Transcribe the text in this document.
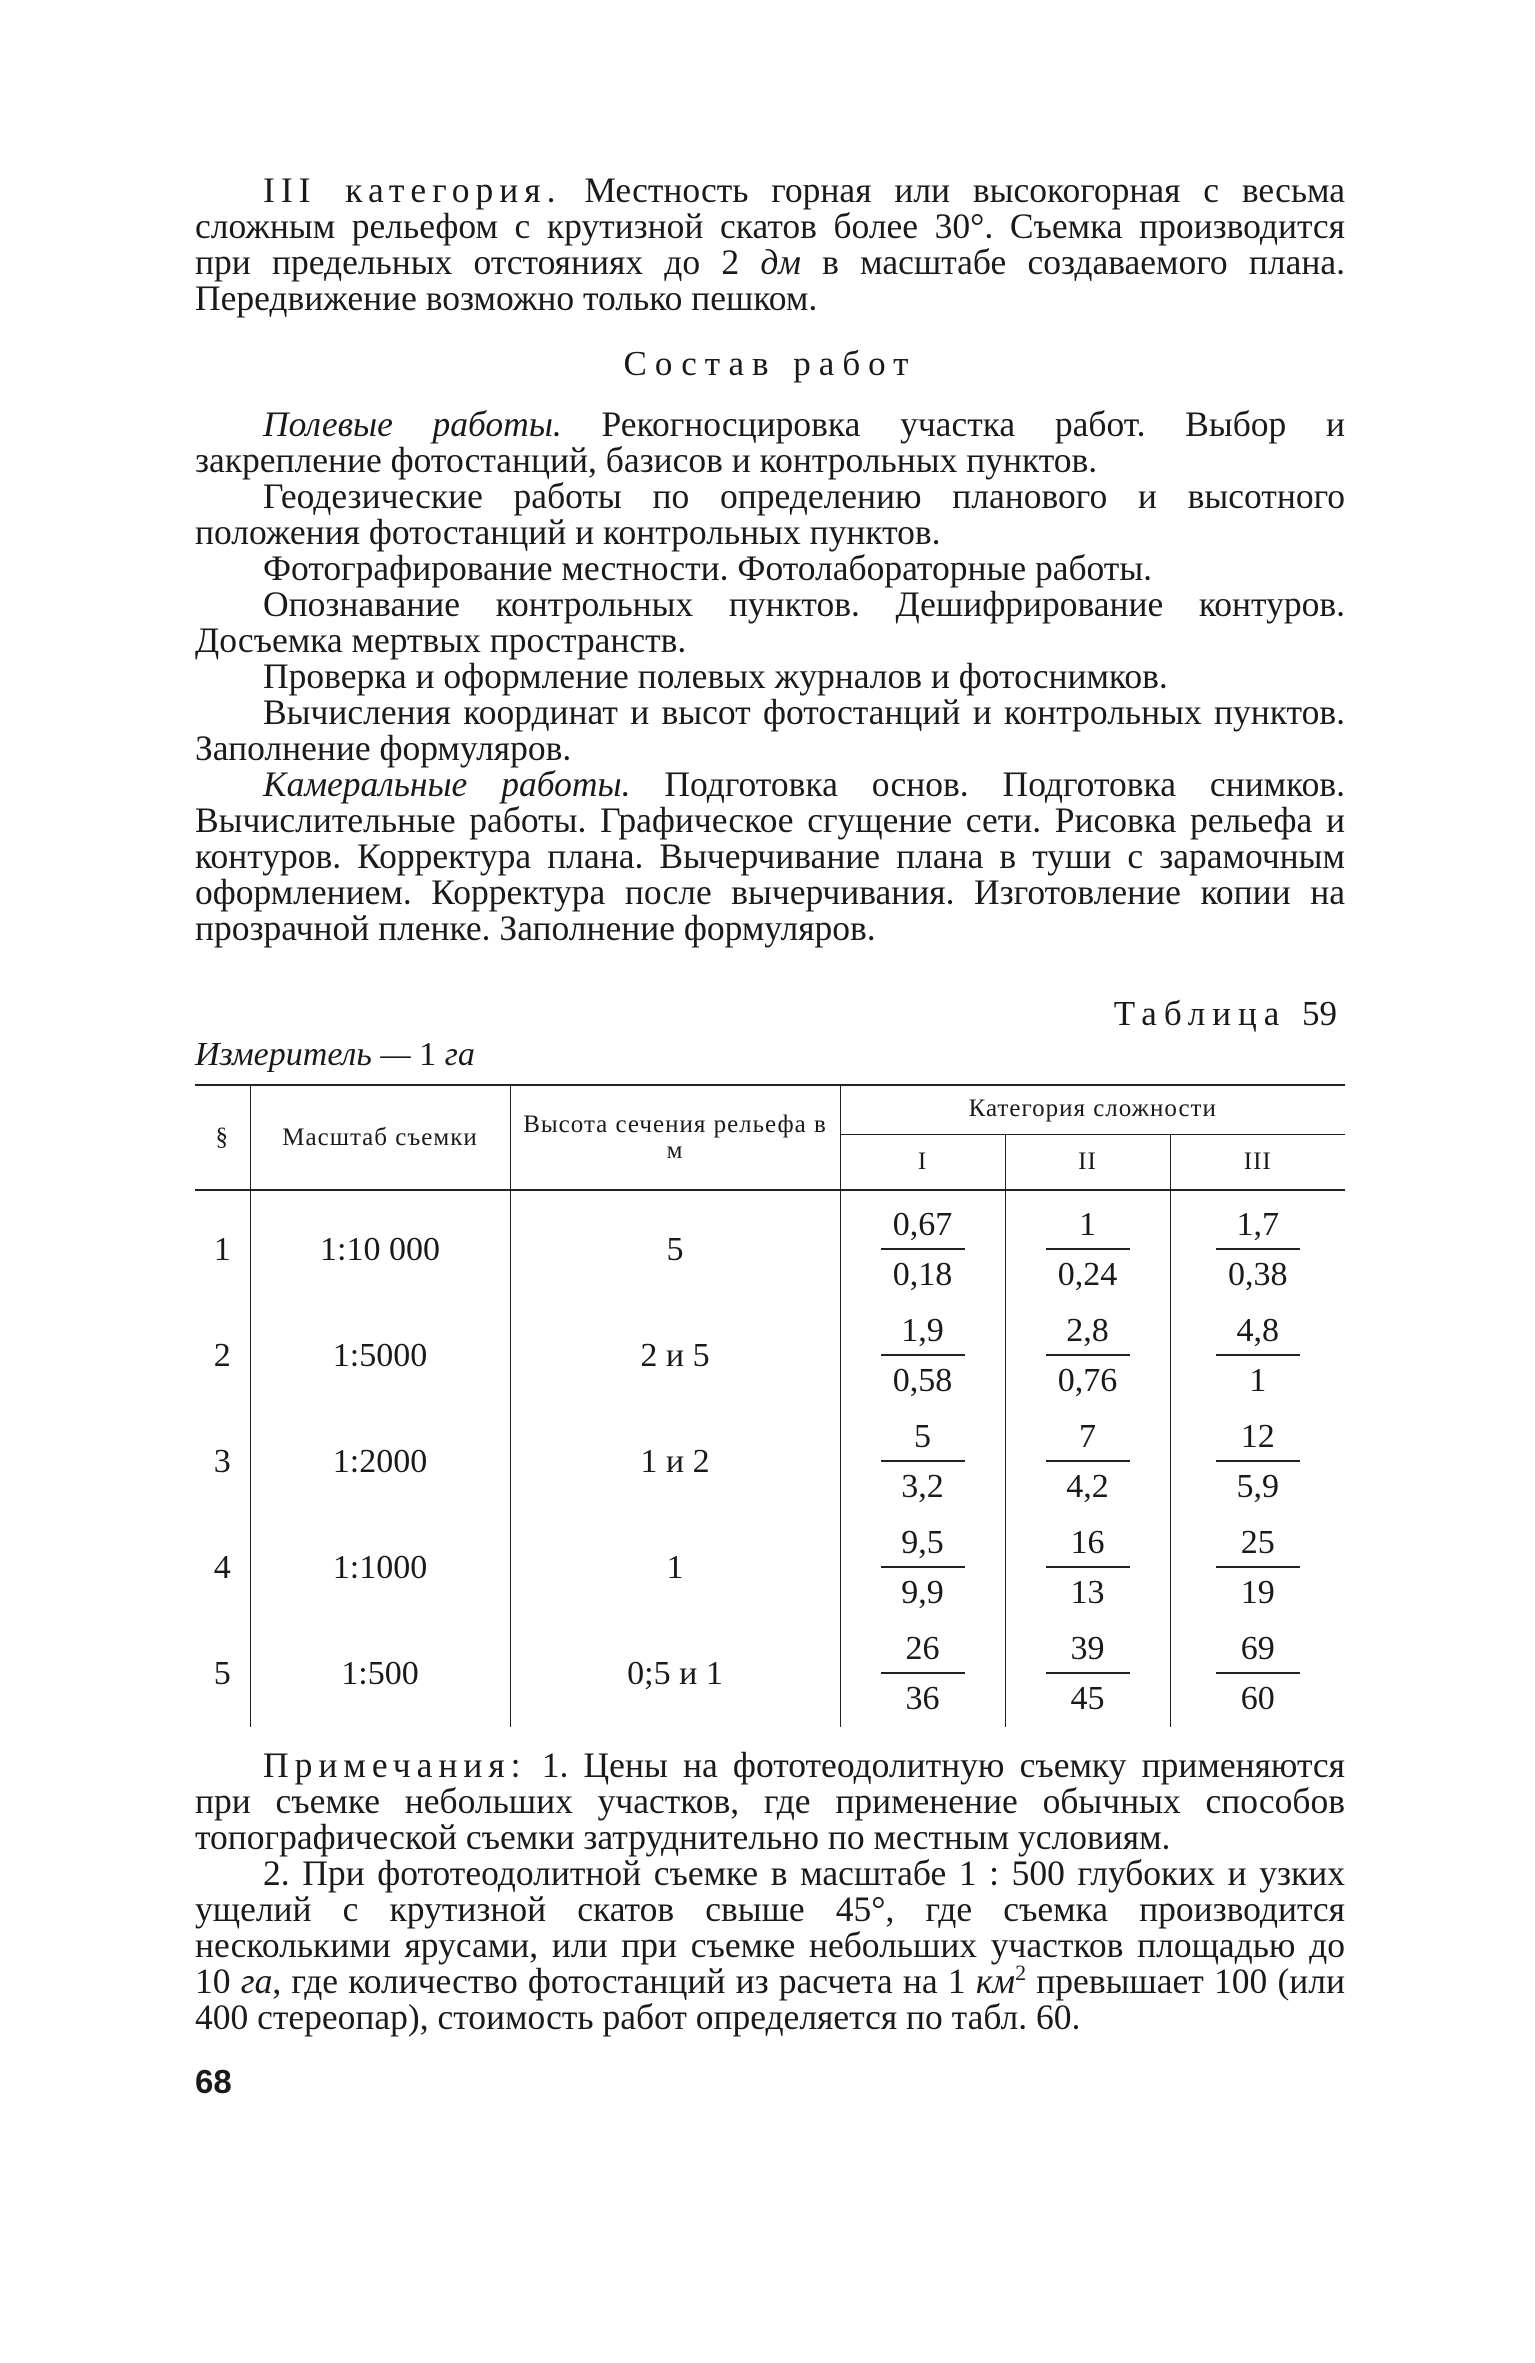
III категория. Местность горная или высокогорная с весьма сложным рельефом с крутизной скатов более 30°. Съемка производится при предельных отстояниях до 2 дм в масштабе создаваемого плана. Передвижение возможно только пешком.

Состав работ

Полевые работы. Рекогносцировка участка работ. Выбор и закрепление фотостанций, базисов и контрольных пунктов.

Геодезические работы по определению планового и высотного положения фотостанций и контрольных пунктов.

Фотографирование местности. Фотолабораторные работы.

Опознавание контрольных пунктов. Дешифрирование контуров. Досъемка мертвых пространств.

Проверка и оформление полевых журналов и фотоснимков.

Вычисления координат и высот фотостанций и контрольных пунктов. Заполнение формуляров.

Камеральные работы. Подготовка основ. Подготовка снимков. Вычислительные работы. Графическое сгущение сети. Рисовка рельефа и контуров. Корректура плана. Вычерчивание плана в туши с зарамочным оформлением. Корректура после вычерчивания. Изготовление копии на прозрачной пленке. Заполнение формуляров.

Таблица 59
Измеритель — 1 га
§	Масштаб съемки	Высота сечения рельефа в м	Категория сложности		
			I	II	III
1	1:10 000	5	$\frac{0,67}{0,18}$	$\frac{1}{0,24}$	$\frac{1,7}{0,38}$

2	1:5000	2 и 5	$\frac{1,9}{0,58}$	$\frac{2,8}{0,76}$	$\frac{4,8}{1}$

3	1:2000	1 и 2	$\frac{5}{3,2}$	$\frac{7}{4,2}$	$\frac{12}{5,9}$

4	1:1000	1	$\frac{9,5}{9,9}$	$\frac{16}{13}$	$\frac{25}{19}$

5	1:500	0;5 и 1	$\frac{26}{36}$	$\frac{39}{45}$	$\frac{69}{60}$

Примечания: 1. Цены на фототеодолитную съемку применяются при съемке небольших участков, где применение обычных способов топографической съемки затруднительно по местным условиям.

2. При фототеодолитной съемке в масштабе 1 : 500 глубоких и узких ущелий с крутизной скатов свыше 45°, где съемка производится несколькими ярусами, или при съемке небольших участков площадью до 10 га, где количество фотостанций из расчета на 1 $км^2$ превышает 100 (или 400 стереопар), стоимость работ определяется по табл. 60.

68
